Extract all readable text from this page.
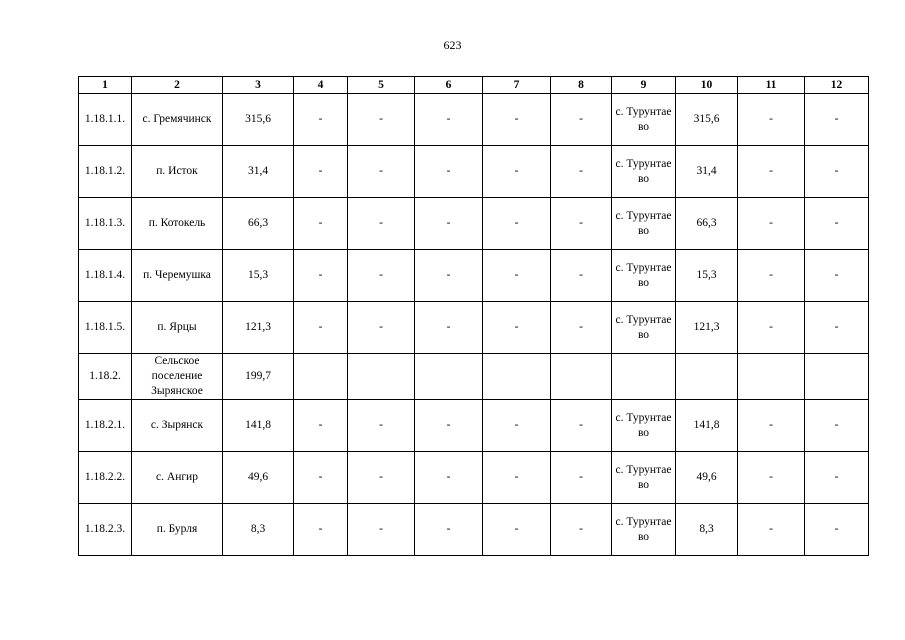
623
1	2	3	4	5	6	7	8	9	10	11	12
1.18.1.1.	с. Гремячинск	315,6	-	-	-	-	-	с. Турунтаево	315,6	-	-
1.18.1.2.	п. Исток	31,4	-	-	-	-	-	с. Турунтаево	31,4	-	-
1.18.1.3.	п. Котокель	66,3	-	-	-	-	-	с. Турунтаево	66,3	-	-
1.18.1.4.	п. Черемушка	15,3	-	-	-	-	-	с. Турунтаево	15,3	-	-
1.18.1.5.	п. Ярцы	121,3	-	-	-	-	-	с. Турунтаево	121,3	-	-
1.18.2.	Сельское поселение Зырянское	199,7									
1.18.2.1.	с. Зырянск	141,8	-	-	-	-	-	с. Турунтаево	141,8	-	-
1.18.2.2.	с. Ангир	49,6	-	-	-	-	-	с. Турунтаево	49,6	-	-
1.18.2.3.	п. Бурля	8,3	-	-	-	-	-	с. Турунтаево	8,3	-	-
